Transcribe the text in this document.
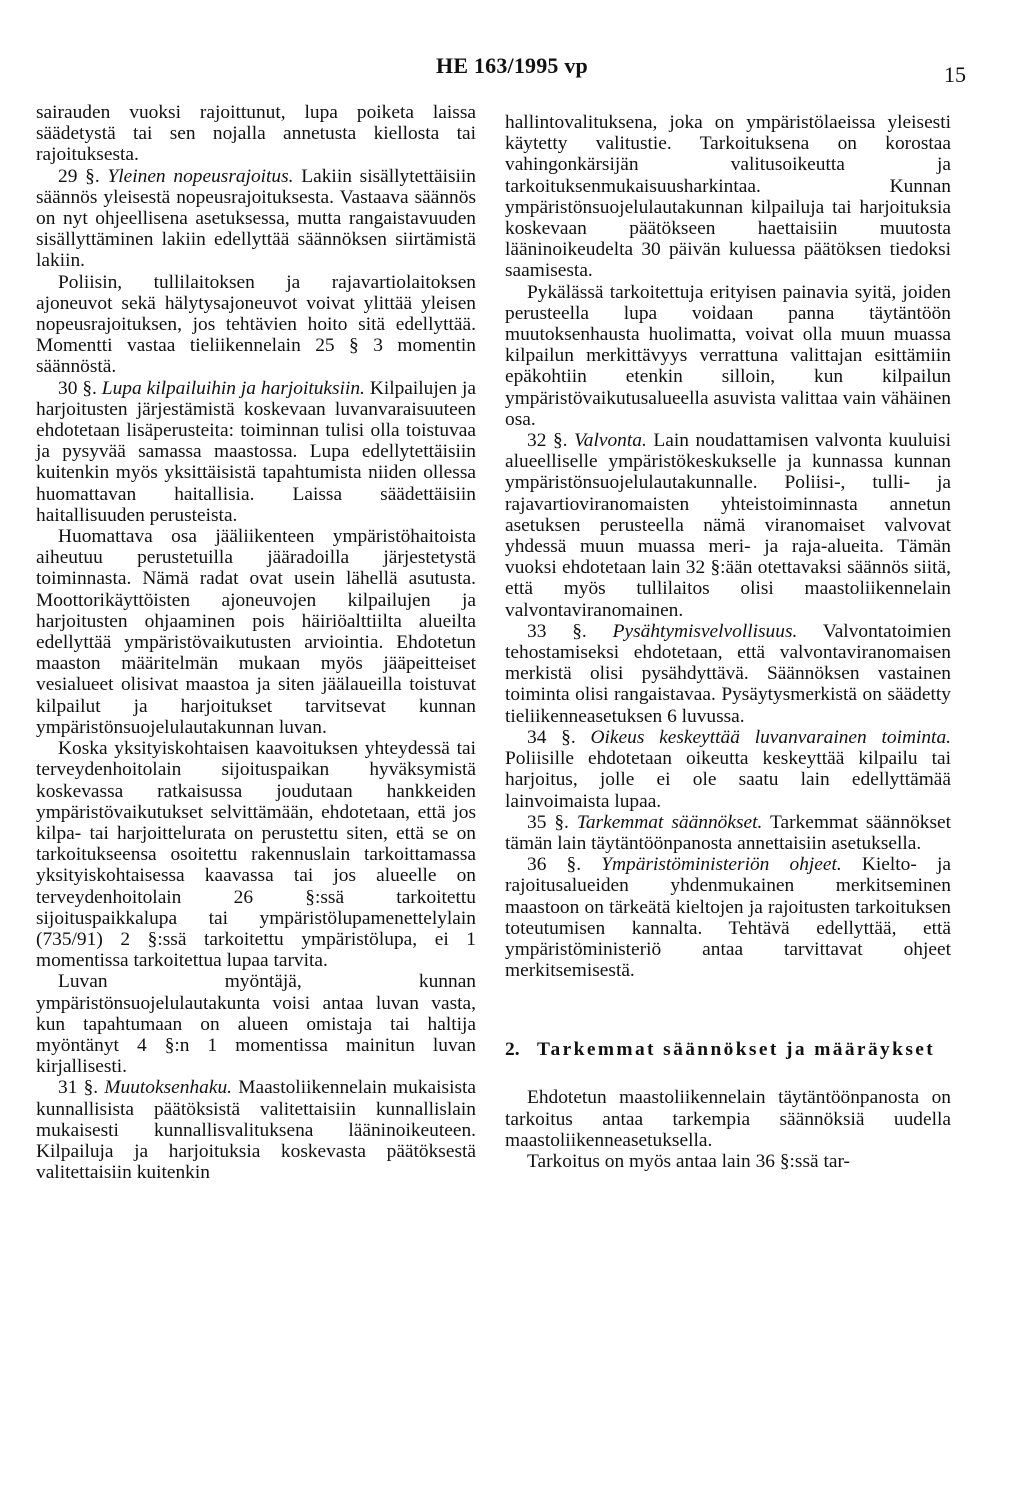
HE 163/1995 vp	15

sairauden vuoksi rajoittunut, lupa poiketa laissa säädetystä tai sen nojalla annetusta kiellosta tai rajoituksesta.

29 §. Yleinen nopeusrajoitus. Lakiin sisällytettäisiin säännös yleisestä nopeusrajoituksesta. Vastaava säännös on nyt ohjeellisena asetuksessa, mutta rangaistavuuden sisällyttäminen lakiin edellyttää säännöksen siirtämistä lakiin.

Poliisin, tullilaitoksen ja rajavartiolaitoksen ajoneuvot sekä hälytysajoneuvot voivat ylittää yleisen nopeusrajoituksen, jos tehtävien hoito sitä edellyttää. Momentti vastaa tieliikennelain 25 § 3 momentin säännöstä.

30 §. Lupa kilpailuihin ja harjoituksiin. Kilpailujen ja harjoitusten järjestämistä koskevaan luvanvaraisuuteen ehdotetaan lisäperusteita: toiminnan tulisi olla toistuvaa ja pysyvää samassa maastossa. Lupa edellytettäisiin kuitenkin myös yksittäisistä tapahtumista niiden ollessa huomattavan haitallisia. Laissa säädettäisiin haitallisuuden perusteista.

Huomattava osa jääliikenteen ympäristöhaitoista aiheutuu perustetuilla jääradoilla järjestetystä toiminnasta. Nämä radat ovat usein lähellä asutusta. Moottorikäyttöisten ajoneuvojen kilpailujen ja harjoitusten ohjaaminen pois häiriöalttiilta alueilta edellyttää ympäristövaikutusten arviointia. Ehdotetun maaston määritelmän mukaan myös jääpeitteiset vesialueet olisivat maastoa ja siten jäälaueilla toistuvat kilpailut ja harjoitukset tarvitsevat kunnan ympäristönsuojelulautakunnan luvan.

Koska yksityiskohtaisen kaavoituksen yhteydessä tai terveydenhoitolain sijoituspaikan hyväksymistä koskevassa ratkaisussa joudutaan hankkeiden ympäristövaikutukset selvittämään, ehdotetaan, että jos kilpa- tai harjoittelurata on perustettu siten, että se on tarkoitukseensa osoitettu rakennuslain tarkoittamassa yksityiskohtaisessa kaavassa tai jos alueelle on terveydenhoitolain 26 §:ssä tarkoitettu sijoituspaikkalupa tai ympäristölupamenettelylain (735/91) 2 §:ssä tarkoitettu ympäristölupa, ei 1 momentissa tarkoitettua lupaa tarvita.

Luvan myöntäjä, kunnan ympäristönsuojelulautakunta voisi antaa luvan vasta, kun tapahtumaan on alueen omistaja tai haltija myöntänyt 4 §:n 1 momentissa mainitun luvan kirjallisesti.

31 §. Muutoksenhaku. Maastoliikennelain mukaisista kunnallisista päätöksistä valitettaisiin kunnallislain mukaisesti kunnallisvalituksena lääninoikeuteen. Kilpailuja ja harjoituksia koskevasta päätöksestä valitettaisiin kuitenkin

hallintovalituksena, joka on ympäristölaeissa yleisesti käytetty valitustie. Tarkoituksena on korostaa vahingonkärsijän valitusoikeutta ja tarkoituksenmukaisuusharkintaa. Kunnan ympäristönsuojelulautakunnan kilpailuja tai harjoituksia koskevaan päätökseen haettaisiin muutosta lääninoikeudelta 30 päivän kuluessa päätöksen tiedoksi saamisesta.

Pykälässä tarkoitettuja erityisen painavia syitä, joiden perusteella lupa voidaan panna täytäntöön muutoksenhausta huolimatta, voivat olla muun muassa kilpailun merkittävyys verrattuna valittajan esittämiin epäkohtiin etenkin silloin, kun kilpailun ympäristövaikutusalueella asuvista valittaa vain vähäinen osa.

32 §. Valvonta. Lain noudattamisen valvonta kuuluisi alueelliselle ympäristökeskukselle ja kunnassa kunnan ympäristönsuojelulautakunnalle. Poliisi-, tulli- ja rajavartioviranomaisten yhteistoiminnasta annetun asetuksen perusteella nämä viranomaiset valvovat yhdessä muun muassa meri- ja raja-alueita. Tämän vuoksi ehdotetaan lain 32 §:ään otettavaksi säännös siitä, että myös tullilaitos olisi maastoliikennelain valvontaviranomainen.

33 §. Pysähtymisvelvollisuus. Valvontatoimien tehostamiseksi ehdotetaan, että valvontaviranomaisen merkistä olisi pysähdyttävä. Säännöksen vastainen toiminta olisi rangaistavaa. Pysäytysmerkistä on säädetty tieliikenneasetuksen 6 luvussa.

34 §. Oikeus keskeyttää luvanvarainen toiminta. Poliisille ehdotetaan oikeutta keskeyttää kilpailu tai harjoitus, jolle ei ole saatu lain edellyttämää lainvoimaista lupaa.

35 §. Tarkemmat säännökset. Tarkemmat säännökset tämän lain täytäntöönpanosta annettaisiin asetuksella.

36 §. Ympäristöministeriön ohjeet. Kielto- ja rajoitusalueiden yhdenmukainen merkitseminen maastoon on tärkeätä kieltojen ja rajoitusten tarkoituksen toteutumisen kannalta. Tehtävä edellyttää, että ympäristöministeriö antaa tarvittavat ohjeet merkitsemisestä.

2. Tarkemmat säännökset ja määräykset

Ehdotetun maastoliikennelain täytäntöönpanosta on tarkoitus antaa tarkempia säännöksiä uudella maastoliikenneasetuksella.

Tarkoitus on myös antaa lain 36 §:ssä tar-
